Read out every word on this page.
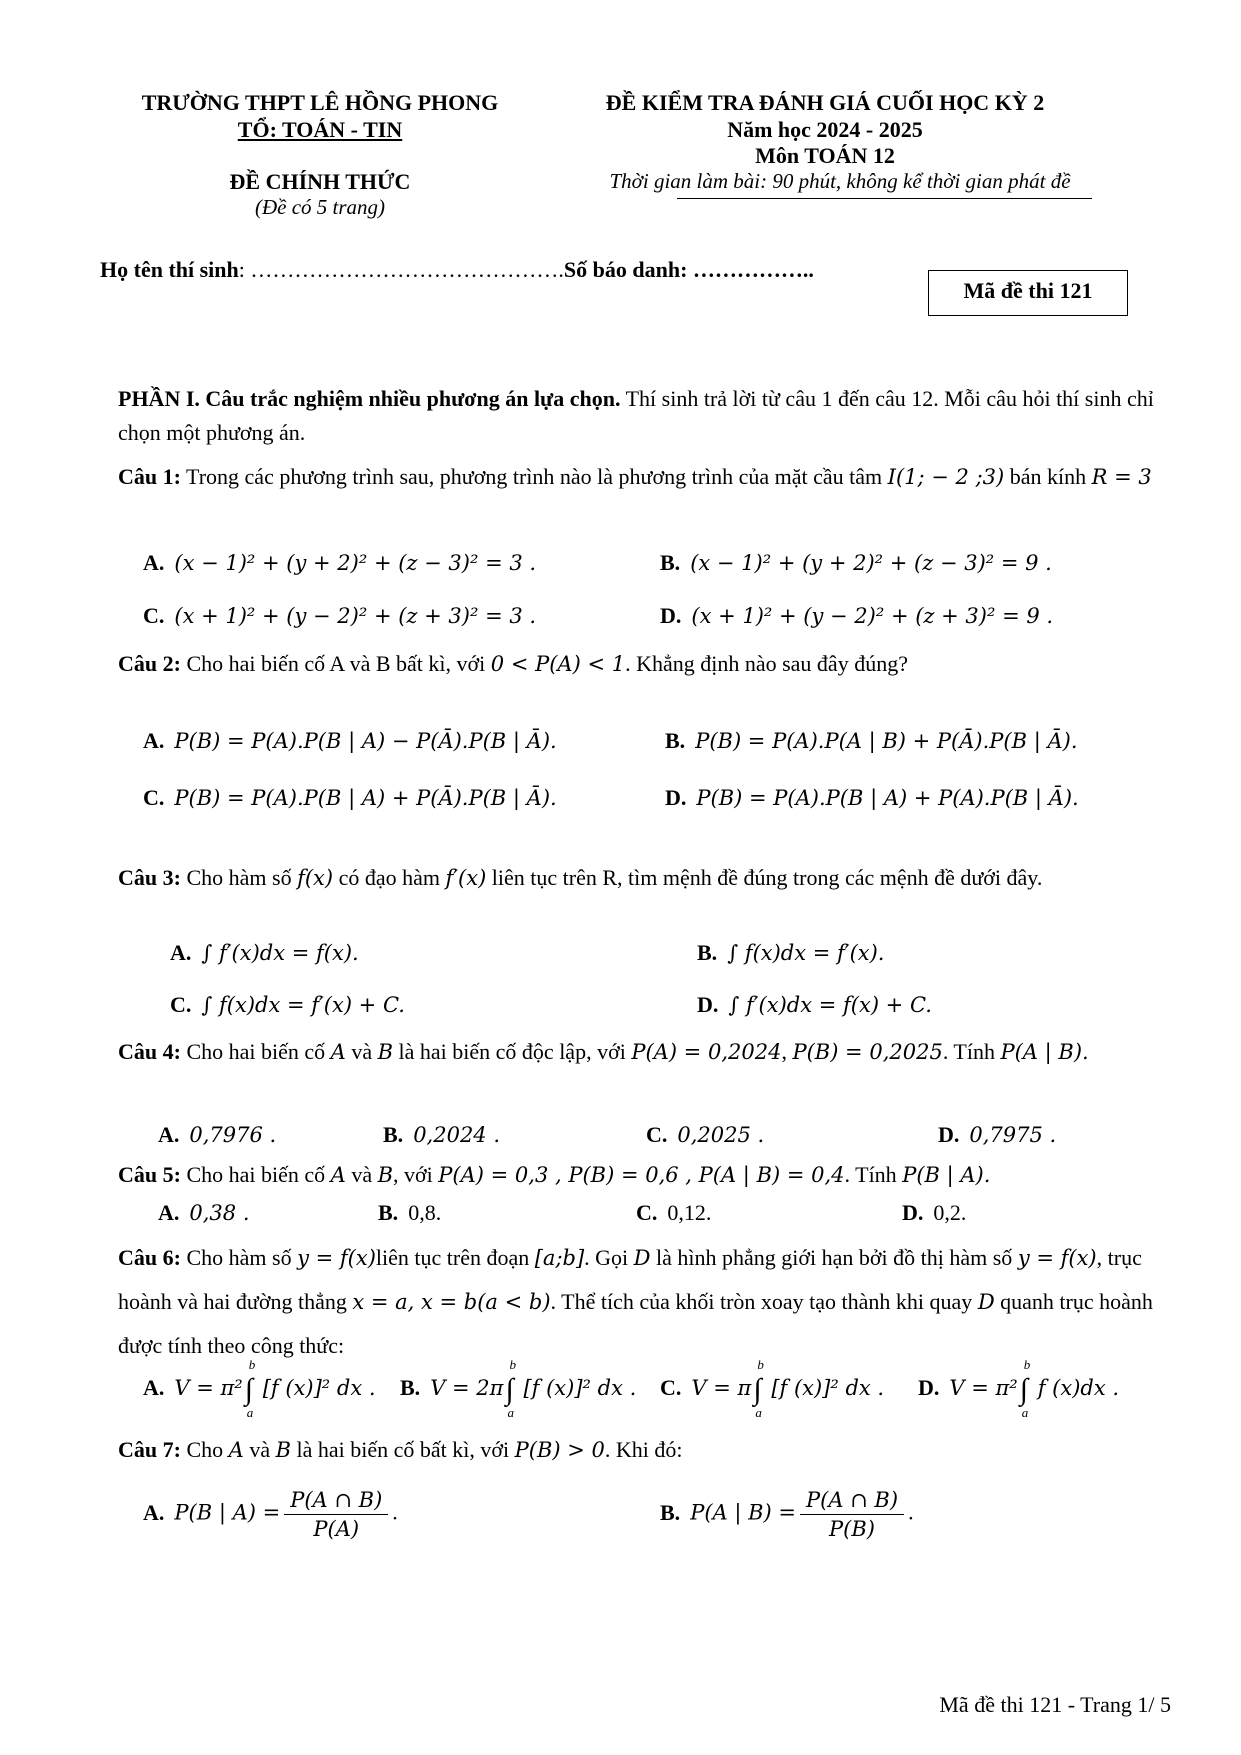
TRƯỜNG THPT LÊ HỒNG PHONG
TỔ: TOÁN - TIN
ĐỀ CHÍNH THỨC
(Đề có 5 trang)
ĐỀ KIỂM TRA ĐÁNH GIÁ CUỐI HỌC KỲ 2
Năm học 2024 - 2025
Môn TOÁN 12
Thời gian làm bài: 90 phút, không kể thời gian phát đề
Họ tên thí sinh: …………………………………….Số báo danh: ……………..
Mã đề thi 121
PHẦN I. Câu trắc nghiệm nhiều phương án lựa chọn. Thí sinh trả lời từ câu 1 đến câu 12. Mỗi câu hỏi thí sinh chỉ chọn một phương án.
Câu 1: Trong các phương trình sau, phương trình nào là phương trình của mặt cầu tâm I(1; − 2 ;3) bán kính R = 3
A. (x − 1)² + (y + 2)² + (z − 3)² = 3 .	B. (x − 1)² + (y + 2)² + (z − 3)² = 9 .
C. (x + 1)² + (y − 2)² + (z + 3)² = 3 .	D. (x + 1)² + (y − 2)² + (z + 3)² = 9 .
Câu 2: Cho hai biến cố A và B bất kì, với 0 < P(A) < 1. Khẳng định nào sau đây đúng?
A. P(B) = P(A).P(B | A) − P(Ā).P(B | Ā).	B. P(B) = P(A).P(A | B) + P(Ā).P(B | Ā).
C. P(B) = P(A).P(B | A) + P(Ā).P(B | Ā).	D. P(B) = P(A).P(B | A) + P(A).P(B | Ā).
Câu 3: Cho hàm số f(x) có đạo hàm f′(x) liên tục trên R, tìm mệnh đề đúng trong các mệnh đề dưới đây.
A. ∫ f′(x)dx = f(x).	B. ∫ f(x)dx = f′(x).
C. ∫ f(x)dx = f′(x) + C.	D. ∫ f′(x)dx = f(x) + C.
Câu 4: Cho hai biến cố A và B là hai biến cố độc lập, với P(A) = 0,2024, P(B) = 0,2025. Tính P(A | B).
A. 0,7976 .	B. 0,2024 .	C. 0,2025 .	D. 0,7975 .
Câu 5: Cho hai biến cố A và B, với P(A) = 0,3 , P(B) = 0,6 , P(A | B) = 0,4. Tính P(B | A).
A. 0,38 .	B. 0,8.	C. 0,12.	D. 0,2.
Câu 6: Cho hàm số y = f(x)liên tục trên đoạn [a;b]. Gọi D là hình phẳng giới hạn bởi đồ thị hàm số y = f(x), trục hoành và hai đường thẳng x = a, x = b(a < b). Thể tích của khối tròn xoay tạo thành khi quay D quanh trục hoành được tính theo công thức:
A. V = π²∫
b
a
[f (x)]² dx . B. V = 2π∫
b
a
[f (x)]² dx . C. V = π∫
b
a
[f (x)]² dx . D. V = π²∫
b
a
f (x)dx .
Câu 7: Cho A và B là hai biến cố bất kì, với P(B) > 0. Khi đó:
A. P(B | $A) = \frac{P(A \cap B)}{P(A)}$ .	B. P(A | $B) = \frac{P(A \cap B)}{P(B)}$ .
Mã đề thi 121 - Trang 1/ 5
